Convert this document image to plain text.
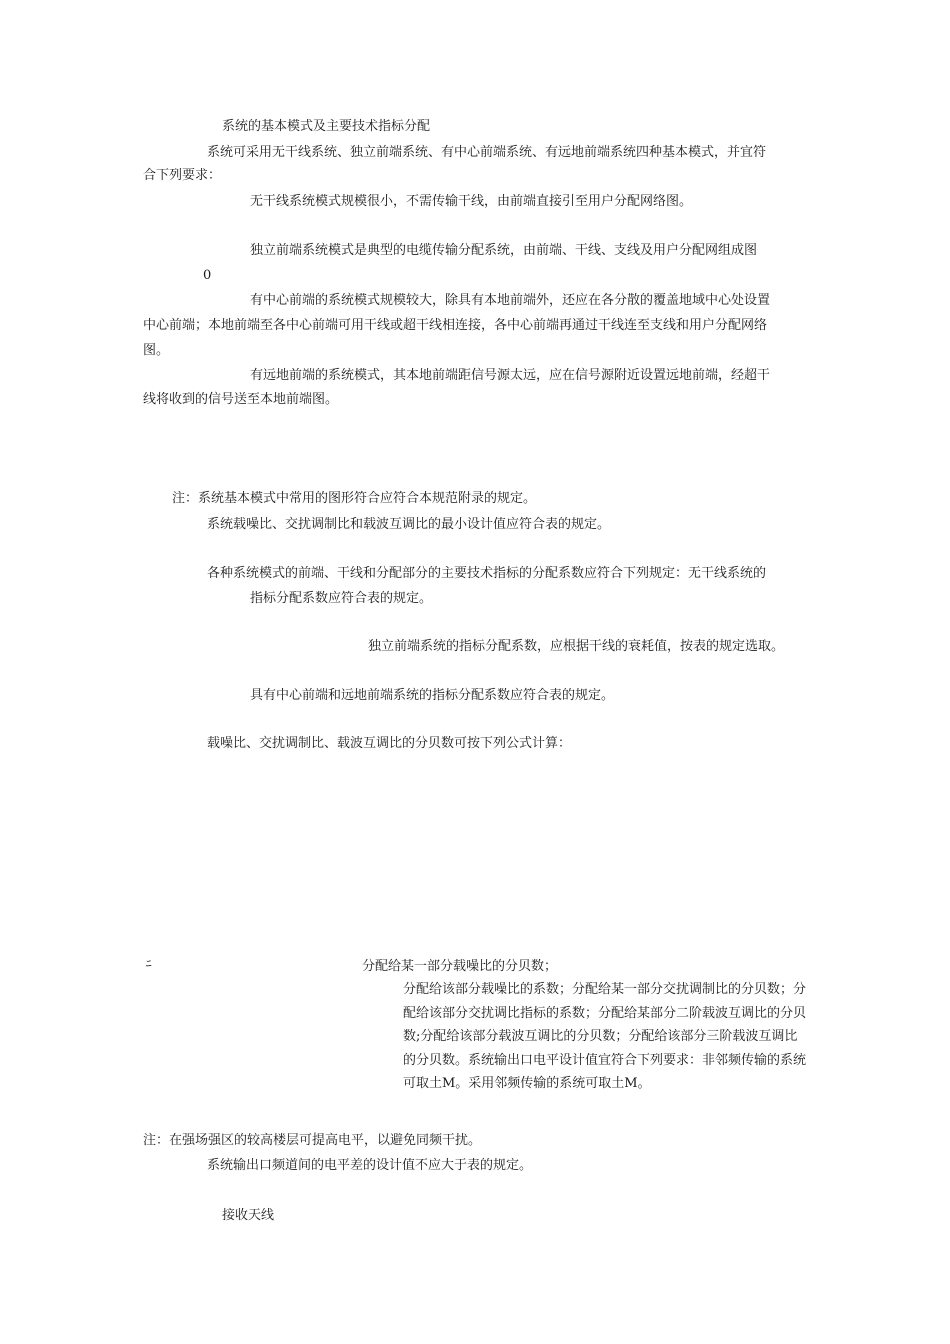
系统的基本模式及主要技术指标分配
系统可采用无干线系统、独立前端系统、有中心前端系统、有远地前端系统四种基本模式，并宜符
合下列要求：
无干线系统模式规模很小，不需传输干线，由前端直接引至用户分配网络图。
独立前端系统模式是典型的电缆传输分配系统，由前端、干线、支线及用户分配网组成图
0
有中心前端的系统模式规模较大，除具有本地前端外，还应在各分散的覆盖地域中心处设置
中心前端；本地前端至各中心前端可用干线或超干线相连接，各中心前端再通过干线连至支线和用户分配网络
图。
有远地前端的系统模式，其本地前端距信号源太远，应在信号源附近设置远地前端，经超干
线将收到的信号送至本地前端图。
注：系统基本模式中常用的图形符合应符合本规范附录的规定。
系统载噪比、交扰调制比和载波互调比的最小设计值应符合表的规定。
各种系统模式的前端、干线和分配部分的主要技术指标的分配系数应符合下列规定：无干线系统的
指标分配系数应符合表的规定。
独立前端系统的指标分配系数，应根据干线的衰耗值，按表的规定选取。
具有中心前端和远地前端系统的指标分配系数应符合表的规定。
载噪比、交扰调制比、载波互调比的分贝数可按下列公式计算：
ﾆ	分配给某一部分载噪比的分贝数；
分配给该部分载噪比的系数；分配给某一部分交扰调制比的分贝数；分配给该部分交扰调比指标的系数；分配给某部分二阶载波互调比的分贝数;分配给该部分载波互调比的分贝数；分配给该部分三阶载波互调比的分贝数。系统输出口电平设计值宜符合下列要求：非邻频传输的系统可取土M。采用邻频传输的系统可取土M。
注：在强场强区的较高楼层可提高电平，以避免同频干扰。
系统输出口频道间的电平差的设计值不应大于表的规定。
接收天线
